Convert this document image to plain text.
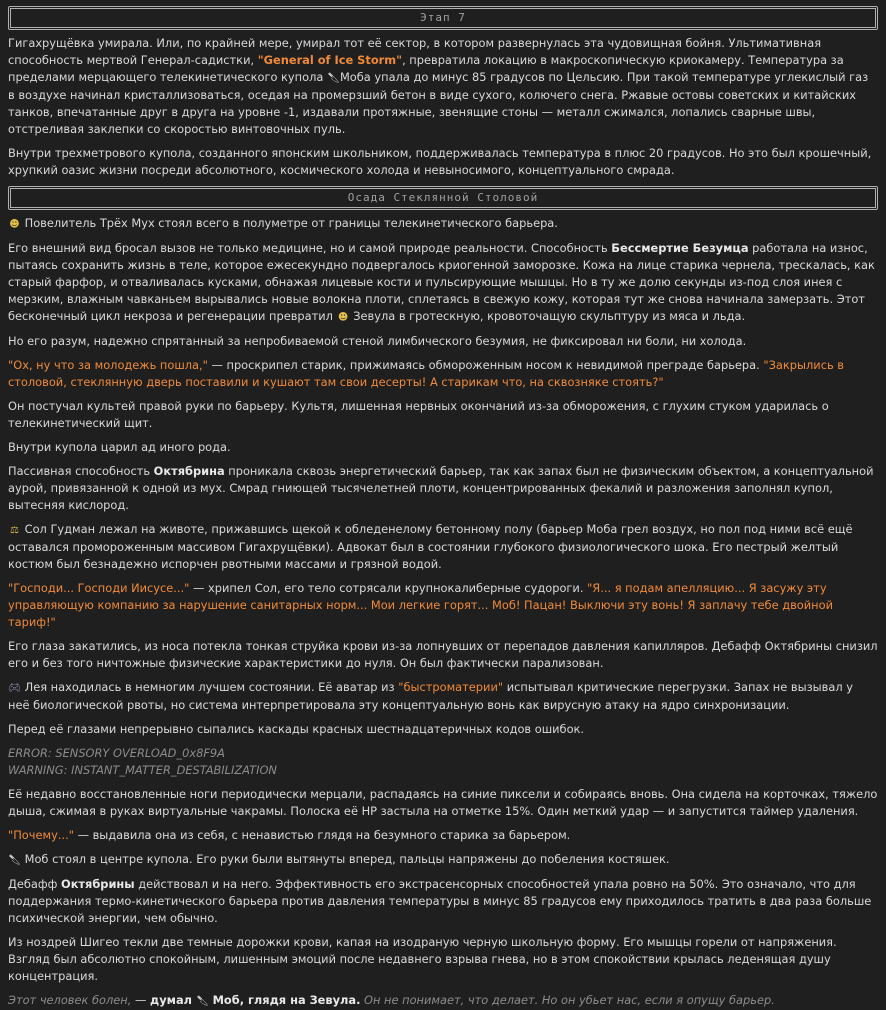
Этап 7

Гигахрущёвка умирала. Или, по крайней мере, умирал тот её сектор, в котором развернулась эта чудовищная бойня. Ультимативная способность мертвой Генерал-садистки, "General of Ice Storm", превратила локацию в макроскопическую криокамеру. Температура за пределами мерцающего телекинетического купола 🔪︎Моба упала до минус 85 градусов по Цельсию. При такой температуре углекислый газ в воздухе начинал кристаллизоваться, оседая на промерзший бетон в виде сухого, колючего снега. Ржавые остовы советских и китайских танков, впечатанные друг в друга на уровне -1, издавали протяжные, звенящие стоны — металл сжимался, лопались сварные швы, отстреливая заклепки со скоростью винтовочных пуль.

Внутри трехметрового купола, созданного японским школьником, поддерживалась температура в плюс 20 градусов. Но это был крошечный, хрупкий оазис жизни посреди абсолютного, космического холода и невыносимого, концептуального смрада.

Осада Стеклянной Столовой

☻ Повелитель Трёх Мух стоял всего в полуметре от границы телекинетического барьера.

Его внешний вид бросал вызов не только медицине, но и самой природе реальности. Способность Бессмертие Безумца работала на износ, пытаясь сохранить жизнь в теле, которое ежесекундно подвергалось криогенной заморозке. Кожа на лице старика чернела, трескалась, как старый фарфор, и отваливалась кусками, обнажая лицевые кости и пульсирующие мышцы. Но в ту же долю секунды из-под слоя инея с мерзким, влажным чавканьем вырывались новые волокна плоти, сплетаясь в свежую кожу, которая тут же снова начинала замерзать. Этот бесконечный цикл некроза и регенерации превратил ☻ Зевула в гротескную, кровоточащую скульптуру из мяса и льда.

Но его разум, надежно спрятанный за непробиваемой стеной лимбического безумия, не фиксировал ни боли, ни холода.

"Ох, ну что за молодежь пошла," — проскрипел старик, прижимаясь обмороженным носом к невидимой преграде барьера. "Закрылись в столовой, стеклянную дверь поставили и кушают там свои десерты! А старикам что, на сквозняке стоять?"

Он постучал культей правой руки по барьеру. Культя, лишенная нервных окончаний из-за обморожения, с глухим стуком ударилась о телекинетический щит.

Внутри купола царил ад иного рода.

Пассивная способность Октябрина проникала сквозь энергетический барьер, так как запах был не физическим объектом, а концептуальной аурой, привязанной к одной из мух. Смрад гниющей тысячелетней плоти, концентрированных фекалий и разложения заполнял купол, вытесняя кислород.

⚖ Сол Гудман лежал на животе, прижавшись щекой к обледенелому бетонному полу (барьер Моба грел воздух, но пол под ними всё ещё оставался промороженным массивом Гигахрущёвки). Адвокат был в состоянии глубокого физиологического шока. Его пестрый желтый костюм был безнадежно испорчен рвотными массами и грязной водой.

"Господи... Господи Иисусе..." — хрипел Сол, его тело сотрясали крупнокалиберные судороги. "Я... я подам апелляцию... Я засужу эту управляющую компанию за нарушение санитарных норм... Мои легкие горят... Моб! Пацан! Выключи эту вонь! Я заплачу тебе двойной тариф!"

Его глаза закатились, из носа потекла тонкая струйка крови из-за лопнувших от перепадов давления капилляров. Дебафф Октябрины снизил его и без того ничтожные физические характеристики до нуля. Он был фактически парализован.

🎮︎ Лея находилась в немногим лучшем состоянии. Её аватар из "быстроматерии" испытывал критические перегрузки. Запах не вызывал у неё биологической рвоты, но система интерпретировала эту концептуальную вонь как вирусную атаку на ядро синхронизации.

Перед её глазами непрерывно сыпались каскады красных шестнадцатеричных кодов ошибок.

ERROR: SENSORY OVERLOAD_0x8F9A
WARNING: INSTANT_MATTER_DESTABILIZATION

Её недавно восстановленные ноги периодически мерцали, распадаясь на синие пиксели и собираясь вновь. Она сидела на корточках, тяжело дыша, сжимая в руках виртуальные чакрамы. Полоска её HP застыла на отметке 15%. Один меткий удар — и запустится таймер удаления.

"Почему..." — выдавила она из себя, с ненавистью глядя на безумного старика за барьером.

🔪︎ Моб стоял в центре купола. Его руки были вытянуты вперед, пальцы напряжены до побеления костяшек.

Дебафф Октябрины действовал и на него. Эффективность его экстрасенсорных способностей упала ровно на 50%. Это означало, что для поддержания термо-кинетического барьера против давления температуры в минус 85 градусов ему приходилось тратить в два раза больше психической энергии, чем обычно.

Из ноздрей Шигео текли две темные дорожки крови, капая на изодраную черную школьную форму. Его мышцы горели от напряжения. Взгляд был абсолютно спокойным, лишенным эмоций после недавнего взрыва гнева, но в этом спокойствии крылась леденящая душу концентрация.

Этот человек болен, — думал 🔪︎ Моб, глядя на Зевула. Он не понимает, что делает. Но он убьет нас, если я опущу барьер.
